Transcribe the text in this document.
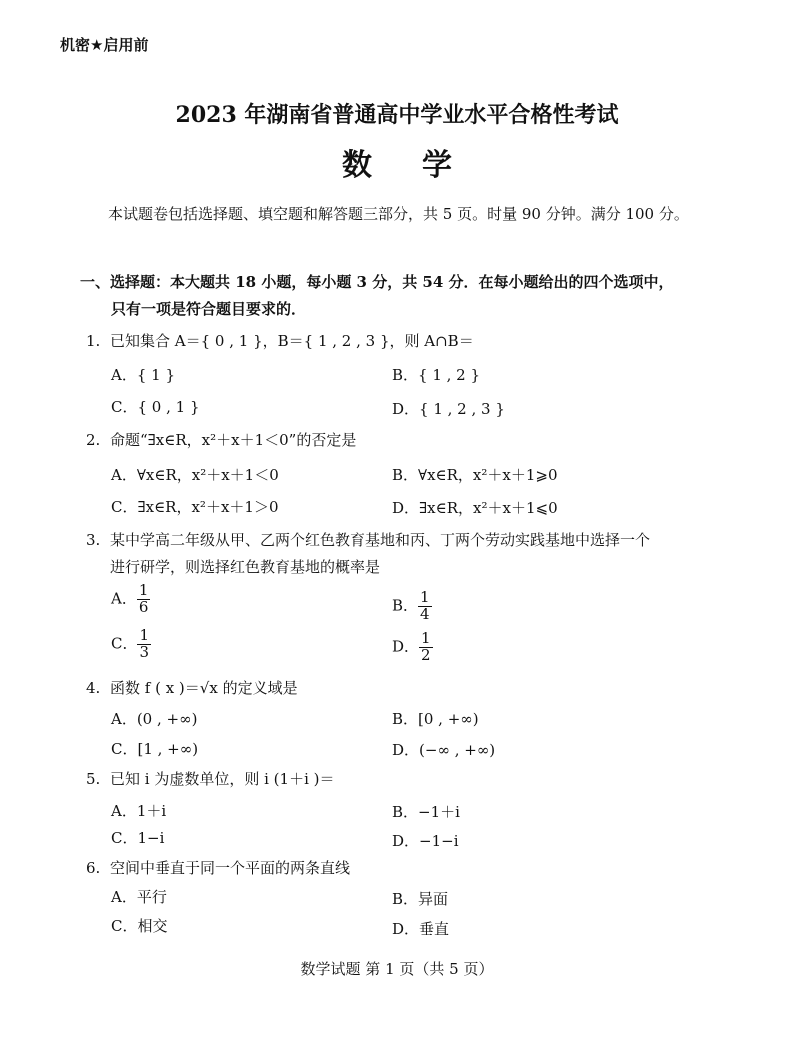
机密★启用前
2023 年湖南省普通高中学业水平合格性考试
数学
本试题卷包括选择题、填空题和解答题三部分，共 5 页。时量 90 分钟。满分 100 分。
一、选择题：本大题共 18 小题，每小题 3 分，共 54 分．在每小题给出的四个选项中，
只有一项是符合题目要求的．
1. 已知集合 A＝{ 0 , 1 }，B＝{ 1 , 2 , 3 }，则 A∩B＝
A．{ 1 }	B．{ 1 , 2 }
C．{ 0 , 1 }	D．{ 1 , 2 , 3 }
2. 命题“∃x∈R，x²＋x＋1＜0”的否定是
A．∀x∈R，x²＋x＋1＜0	B．∀x∈R，x²＋x＋1⩾0
C．∃x∈R，x²＋x＋1＞0	D．∃x∈R，x²＋x＋1⩽0
3. 某中学高二年级从甲、乙两个红色教育基地和丙、丁两个劳动实践基地中选择一个
进行研学，则选择红色教育基地的概率是
A． $\frac{1}{6}$	B． $\frac{1}{4}$
C． $\frac{1}{3}$	D． $\frac{1}{2}$
4. 函数 f ( x )＝√x 的定义域是
A．(0 , +∞)	B．[0 , +∞)
C．[1 , +∞)	D．(−∞ , +∞)
5. 已知 i 为虚数单位，则 i (1＋i )＝
A．1＋i	B．−1＋i
C．1−i	D．−1−i
6. 空间中垂直于同一个平面的两条直线
A．平行	B．异面
C．相交	D．垂直
数学试题 第 1 页（共 5 页）
